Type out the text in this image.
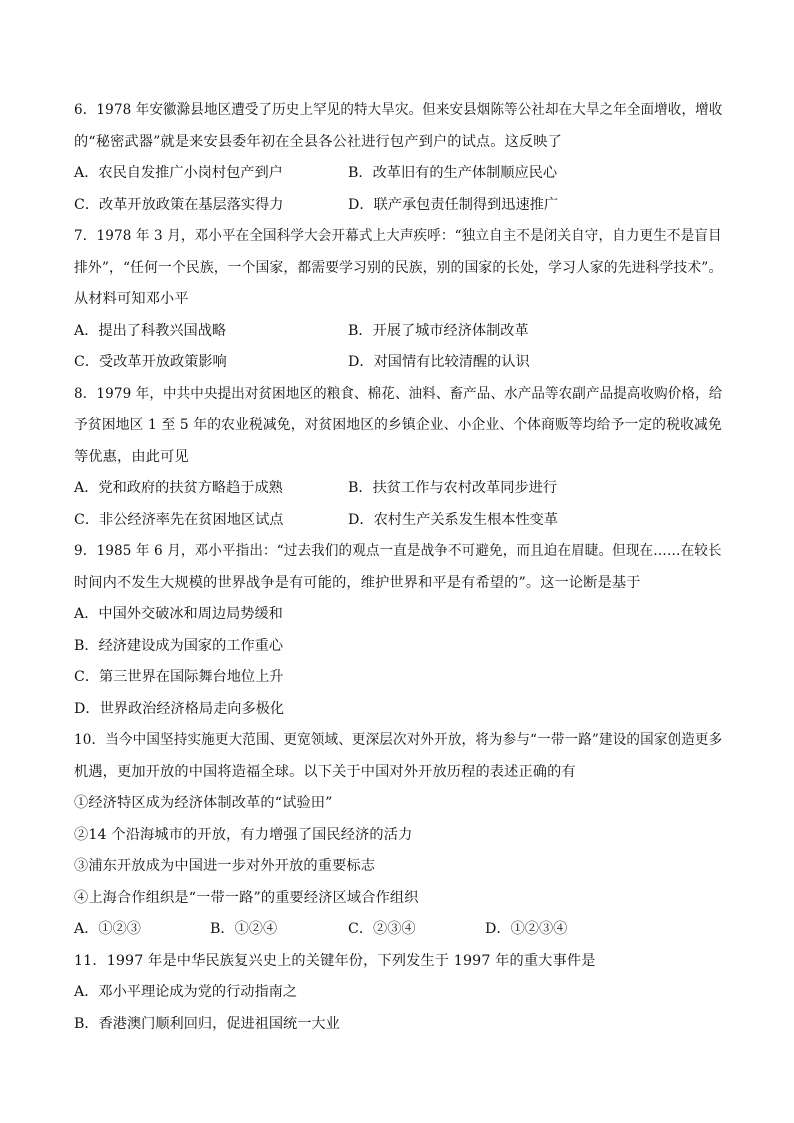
6．1978 年安徽滁县地区遭受了历史上罕见的特大旱灾。但来安县烟陈等公社却在大旱之年全面增收，增收
的“秘密武器”就是来安县委年初在全县各公社进行包产到户的试点。这反映了
A．农民自发推广小岗村包产到户	B．改革旧有的生产体制顺应民心
C．改革开放政策在基层落实得力	D．联产承包责任制得到迅速推广
7．1978 年 3 月，邓小平在全国科学大会开幕式上大声疾呼：“独立自主不是闭关自守，自力更生不是盲目
排外”，“任何一个民族，一个国家，都需要学习别的民族，别的国家的长处，学习人家的先进科学技术”。
从材料可知邓小平
A．提出了科教兴国战略	B．开展了城市经济体制改革
C．受改革开放政策影响	D．对国情有比较清醒的认识
8．1979 年，中共中央提出对贫困地区的粮食、棉花、油料、畜产品、水产品等农副产品提高收购价格，给
予贫困地区 1 至 5 年的农业税减免，对贫困地区的乡镇企业、小企业、个体商贩等均给予一定的税收减免
等优惠，由此可见
A．党和政府的扶贫方略趋于成熟	B．扶贫工作与农村改革同步进行
C．非公经济率先在贫困地区试点	D．农村生产关系发生根本性变革
9．1985 年 6 月，邓小平指出：“过去我们的观点一直是战争不可避免，而且迫在眉睫。但现在……在较长
时间内不发生大规模的世界战争是有可能的，维护世界和平是有希望的”。这一论断是基于
A．中国外交破冰和周边局势缓和
B．经济建设成为国家的工作重心
C．第三世界在国际舞台地位上升
D．世界政治经济格局走向多极化
10．当今中国坚持实施更大范围、更宽领域、更深层次对外开放，将为参与“一带一路”建设的国家创造更多
机遇，更加开放的中国将造福全球。以下关于中国对外开放历程的表述正确的有
①经济特区成为经济体制改革的“试验田”
②14 个沿海城市的开放，有力增强了国民经济的活力
③浦东开放成为中国进一步对外开放的重要标志
④上海合作组织是“一带一路”的重要经济区域合作组织
A．①②③	B．①②④	C．②③④	D．①②③④
11．1997 年是中华民族复兴史上的关键年份，下列发生于 1997 年的重大事件是
A．邓小平理论成为党的行动指南之
B．香港澳门顺利回归，促进祖国统一大业
